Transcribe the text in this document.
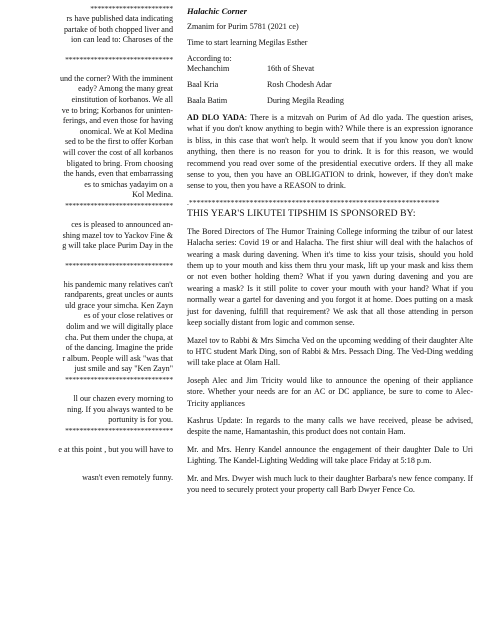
***********************

rs have published data indicating

partake of both chopped liver and

ion can lead to: Charoses of the

******************************

und the corner? With the imminent

eady? Among the many great

einstitution of korbanos. We all

ve to bring; Korbanos for uninten-

ferings, and even those for having

onomical. We at Kol Medina

sed to be the first to offer Korban

will cover the cost of all korbanos

bligated to bring. From choosing

the hands, even that embarrassing

es to smichas yadayim on a

Kol Medina.

******************************

ces is pleased to announced an-

shing mazel tov to Yackov Fine &

g will take place Purim Day in the

******************************

his pandemic many relatives can't

randparents, great uncles or aunts

uld grace your simcha. Ken Zayn

es of your close relatives or

dolim and we will digitally place

cha. Put them under the chupa, at

of the dancing. Imagine the pride

r album. People will ask "was that

just smile and say "Ken Zayn"

******************************

ll our chazen every morning to

ning. If you always wanted to be

portunity is for you.

******************************

e at this point , but you will have to

wasn't even remotely funny.

Halachic Corner

Zmanim for Purim 5781 (2021 ce)

Time to start learning Megilas Esther

According to:

Mechanchim	16th of Shevat
Baal Kria	Rosh Chodesh Adar
Baala Batim	During Megila Reading

AD DLO YADA: There is a mitzvah on Purim of Ad dlo yada. The question arises, what if you don't know anything to begin with? While there is an expression ignorance is bliss, in this case that won't help. It would seem that if you know you don't know anything, then there is no reason for you to drink. It is for this reason, we would recommend you read over some of the presidential executive orders. If they all make sense to you, then you have an OBLIGATION to drink, however, if they don't make sense to you, then you have a REASON to drink.

.******************************************************************

THIS YEAR'S LIKUTEI TIPSHIM IS SPONSORED BY:

The Bored Directors of The Humor Training College informing the tzibur of our latest Halacha series: Covid 19 or and Halacha. The first shiur will deal with the halachos of wearing a mask during davening. When it's time to kiss your tzisis, should you hold them up to your mouth and kiss them thru your mask, lift up your mask and kiss them or not even bother holding them? What if you yawn during davening and you are wearing a mask? Is it still polite to cover your mouth with your hand? What if you normally wear a gartel for davening and you forgot it at home. Does putting on a mask just for davening, fulfill that requirement? We ask that all those attending in person keep socially distant from logic and common sense.

Mazel tov to Rabbi & Mrs Simcha Ved on the upcoming wedding of their daughter Alte to HTC student Mark Ding, son of Rabbi & Mrs. Pessach Ding. The Ved-Ding wedding will take place at Olam Hall.

Joseph Alec and Jim Tricity would like to announce the opening of their appliance store. Whether your needs are for an AC or DC appliance, be sure to come to Alec-Tricity appliances

Kashrus Update: In regards to the many calls we have received, please be advised, despite the name, Hamantashin, this product does not contain Ham.

Mr. and Mrs. Henry Kandel announce the engagement of their daughter Dale to Uri Lighting. The Kandel-Lighting Wedding will take place Friday at 5:18 p.m.

Mr. and Mrs. Dwyer wish much luck to their daughter Barbara's new fence company. If you need to securely protect your property call Barb Dwyer Fence Co.
